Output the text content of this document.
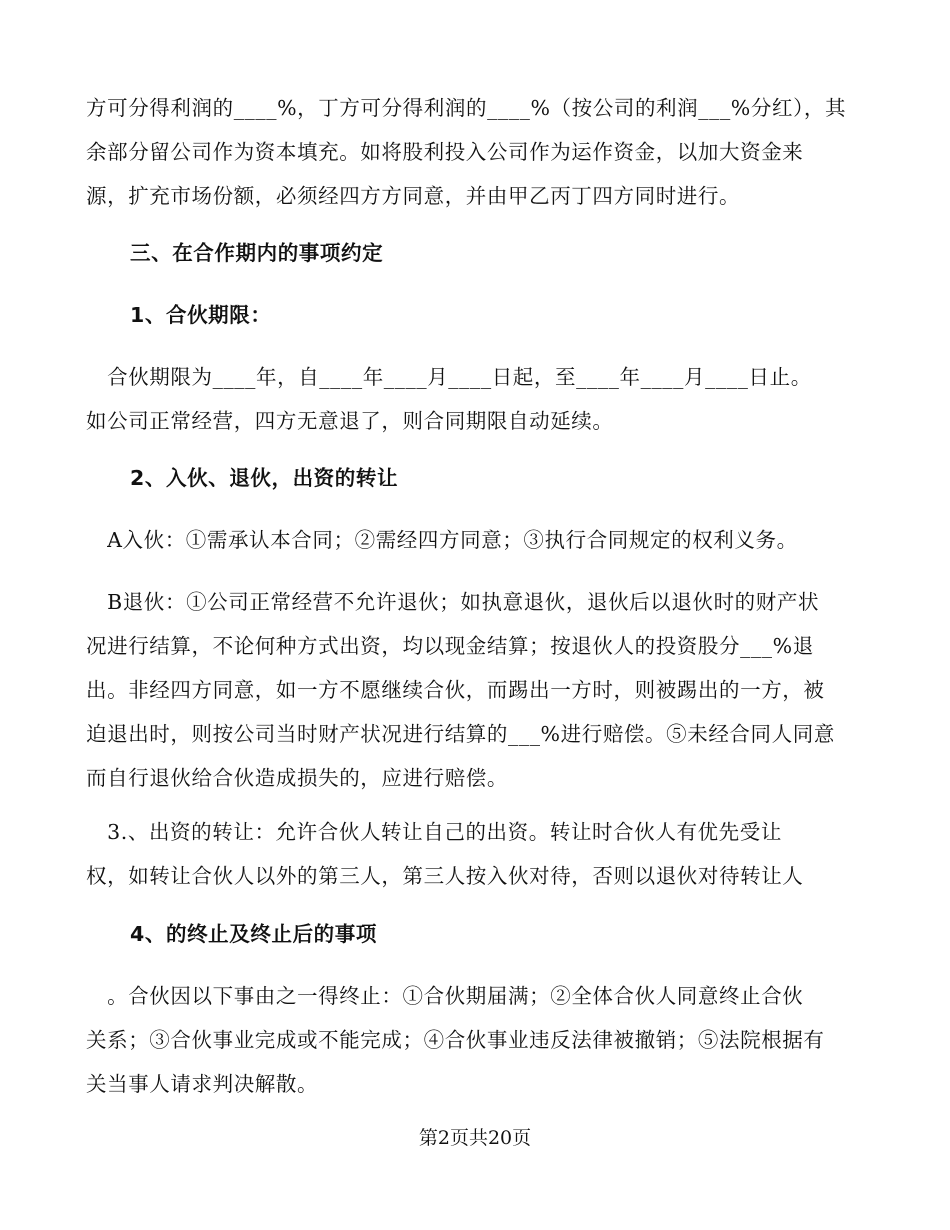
方可分得利润的____%，丁方可分得利润的____%（按公司的利润___%分红），其
余部分留公司作为资本填充。如将股利投入公司作为运作资金，以加大资金来
源，扩充市场份额，必须经四方方同意，并由甲乙丙丁四方同时进行。
三、在合作期内的事项约定
1、合伙期限：
　合伙期限为____年，自____年____月____日起，至____年____月____日止。
如公司正常经营，四方无意退了，则合同期限自动延续。
2、入伙、退伙，出资的转让
　A入伙：①需承认本合同；②需经四方同意；③执行合同规定的权利义务。
　B退伙：①公司正常经营不允许退伙；如执意退伙，退伙后以退伙时的财产状
况进行结算，不论何种方式出资，均以现金结算；按退伙人的投资股分___%退
出。非经四方同意，如一方不愿继续合伙，而踢出一方时，则被踢出的一方，被
迫退出时，则按公司当时财产状况进行结算的___%进行赔偿。⑤未经合同人同意
而自行退伙给合伙造成损失的，应进行赔偿。
　3.、出资的转让：允许合伙人转让自己的出资。转让时合伙人有优先受让
权，如转让合伙人以外的第三人，第三人按入伙对待，否则以退伙对待转让人
4、的终止及终止后的事项
　。合伙因以下事由之一得终止：①合伙期届满；②全体合伙人同意终止合伙
关系；③合伙事业完成或不能完成；④合伙事业违反法律被撤销；⑤法院根据有
关当事人请求判决解散。
第2页共20页
